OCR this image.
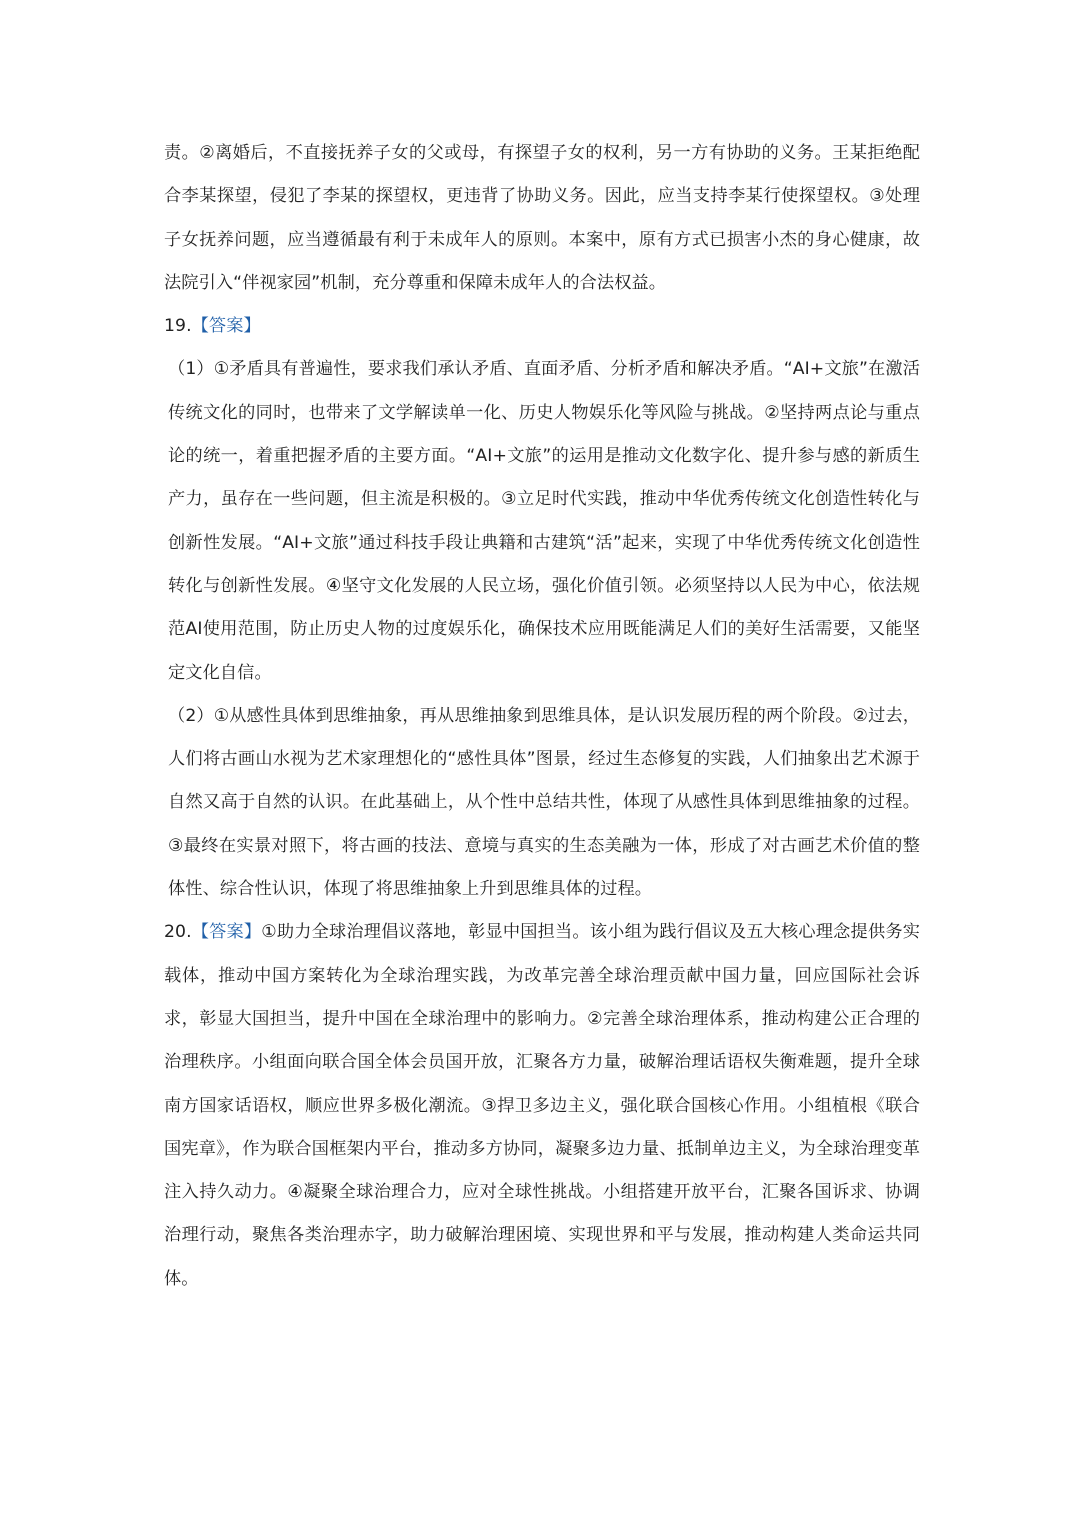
责。②离婚后，不直接抚养子女的父或母，有探望子女的权利，另一方有协助的义务。王某拒绝配合李某探望，侵犯了李某的探望权，更违背了协助义务。因此，应当支持李某行使探望权。③处理子女抚养问题，应当遵循最有利于未成年人的原则。本案中，原有方式已损害小杰的身心健康，故法院引入“伴视家园”机制，充分尊重和保障未成年人的合法权益。

19.【答案】

（1）①矛盾具有普遍性，要求我们承认矛盾、直面矛盾、分析矛盾和解决矛盾。“AI+文旅”在激活传统文化的同时，也带来了文学解读单一化、历史人物娱乐化等风险与挑战。②坚持两点论与重点论的统一，着重把握矛盾的主要方面。“AI+文旅”的运用是推动文化数字化、提升参与感的新质生产力，虽存在一些问题，但主流是积极的。③立足时代实践，推动中华优秀传统文化创造性转化与创新性发展。“AI+文旅”通过科技手段让典籍和古建筑“活”起来，实现了中华优秀传统文化创造性转化与创新性发展。④坚守文化发展的人民立场，强化价值引领。必须坚持以人民为中心，依法规范AI使用范围，防止历史人物的过度娱乐化，确保技术应用既能满足人们的美好生活需要，又能坚定文化自信。

（2）①从感性具体到思维抽象，再从思维抽象到思维具体，是认识发展历程的两个阶段。②过去，人们将古画山水视为艺术家理想化的“感性具体”图景，经过生态修复的实践，人们抽象出艺术源于自然又高于自然的认识。在此基础上，从个性中总结共性，体现了从感性具体到思维抽象的过程。③最终在实景对照下，将古画的技法、意境与真实的生态美融为一体，形成了对古画艺术价值的整体性、综合性认识，体现了将思维抽象上升到思维具体的过程。

20.【答案】①助力全球治理倡议落地，彰显中国担当。该小组为践行倡议及五大核心理念提供务实载体，推动中国方案转化为全球治理实践，为改革完善全球治理贡献中国力量，回应国际社会诉求，彰显大国担当，提升中国在全球治理中的影响力。②完善全球治理体系，推动构建公正合理的治理秩序。小组面向联合国全体会员国开放，汇聚各方力量，破解治理话语权失衡难题，提升全球南方国家话语权，顺应世界多极化潮流。③捍卫多边主义，强化联合国核心作用。小组植根《联合国宪章》，作为联合国框架内平台，推动多方协同，凝聚多边力量、抵制单边主义，为全球治理变革注入持久动力。④凝聚全球治理合力，应对全球性挑战。小组搭建开放平台，汇聚各国诉求、协调治理行动，聚焦各类治理赤字，助力破解治理困境、实现世界和平与发展，推动构建人类命运共同体。
